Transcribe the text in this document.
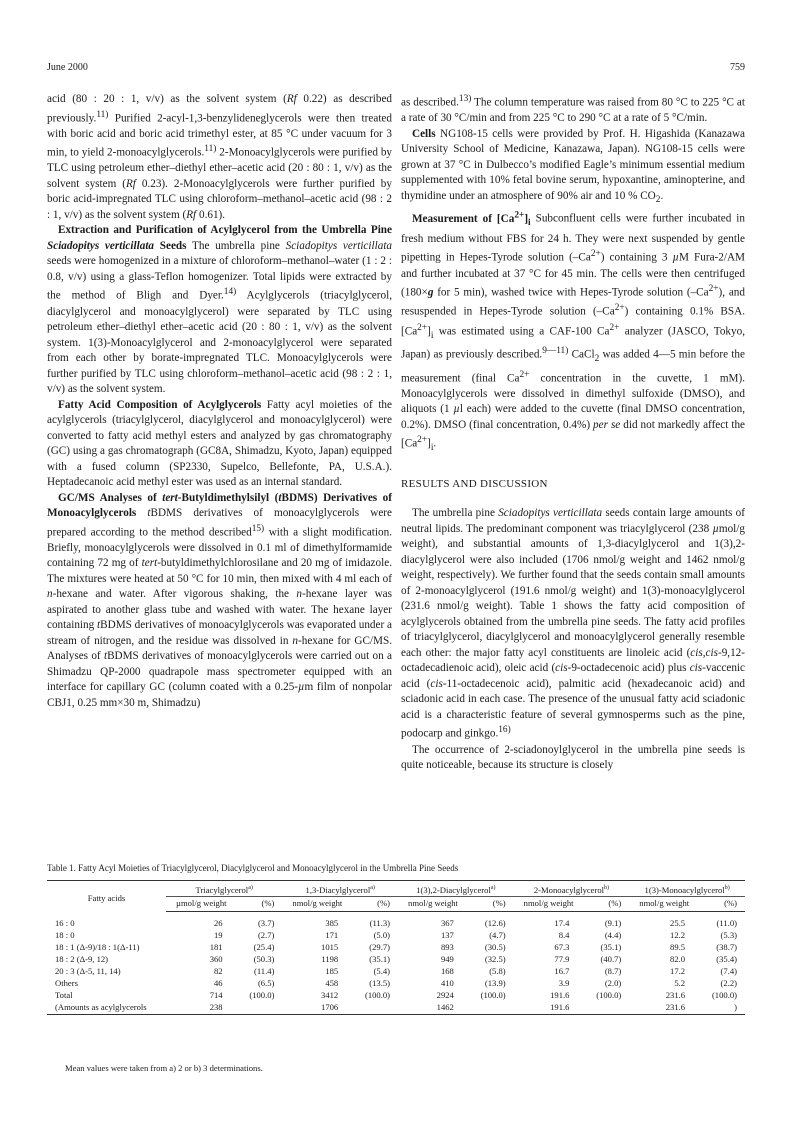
June 2000	759

acid (80 : 20 : 1, v/v) as the solvent system (Rf 0.22) as described previously.$^{11)}$ Purified 2-acyl-1,3-benzylideneglycerols were then treated with boric acid and boric acid trimethyl ester, at 85 °C under vacuum for 3 min, to yield 2-monoacylglycerols.$^{11)}$ 2-Monoacylglycerols were purified by TLC using petroleum ether–diethyl ether–acetic acid (20 : 80 : 1, v/v) as the solvent system (Rf 0.23). 2-Monoacylglycerols were further purified by boric acid-impregnated TLC using chloroform–methanol–acetic acid (98 : 2 : 1, v/v) as the solvent system (Rf 0.61).

Extraction and Purification of Acylglycerol from the Umbrella Pine Sciadopitys verticillata Seeds The umbrella pine Sciadopitys verticillata seeds were homogenized in a mixture of chloroform–methanol–water (1 : 2 : 0.8, v/v) using a glass-Teflon homogenizer. Total lipids were extracted by the method of Bligh and Dyer.$^{14)}$ Acylglycerols (triacylglycerol, diacylglycerol and monoacylglycerol) were separated by TLC using petroleum ether–diethyl ether–acetic acid (20 : 80 : 1, v/v) as the solvent system. 1(3)-Monoacylglycerol and 2-monoacylglycerol were separated from each other by borate-impregnated TLC. Monoacylglycerols were further purified by TLC using chloroform–methanol–acetic acid (98 : 2 : 1, v/v) as the solvent system.

Fatty Acid Composition of Acylglycerols Fatty acyl moieties of the acylglycerols (triacylglycerol, diacylglycerol and monoacylglycerol) were converted to fatty acid methyl esters and analyzed by gas chromatography (GC) using a gas chromatograph (GC8A, Shimadzu, Kyoto, Japan) equipped with a fused column (SP2330, Supelco, Bellefonte, PA, U.S.A.). Heptadecanoic acid methyl ester was used as an internal standard.

GC/MS Analyses of tert-Butyldimethylsilyl (tBDMS) Derivatives of Monoacylglycerols tBDMS derivatives of monoacylglycerols were prepared according to the method described$^{15)}$ with a slight modification. Briefly, monoacylglycerols were dissolved in 0.1 ml of dimethylformamide containing 72 mg of tert-butyldimethylchlorosilane and 20 mg of imidazole. The mixtures were heated at 50 °C for 10 min, then mixed with 4 ml each of n-hexane and water. After vigorous shaking, the n-hexane layer was aspirated to another glass tube and washed with water. The hexane layer containing tBDMS derivatives of monoacylglycerols was evaporated under a stream of nitrogen, and the residue was dissolved in n-hexane for GC/MS. Analyses of tBDMS derivatives of monoacylglycerols were carried out on a Shimadzu QP-2000 quadrapole mass spectrometer equipped with an interface for capillary GC (column coated with a 0.25-µm film of nonpolar CBJ1, 0.25 mm×30 m, Shimadzu)

as described.$^{13)}$ The column temperature was raised from 80 °C to 225 °C at a rate of 30 °C/min and from 225 °C to 290 °C at a rate of 5 °C/min.

Cells NG108-15 cells were provided by Prof. H. Higashida (Kanazawa University School of Medicine, Kanazawa, Japan). NG108-15 cells were grown at 37 °C in Dulbecco’s modified Eagle’s minimum essential medium supplemented with 10% fetal bovine serum, hypoxantine, aminopterine, and thymidine under an atmosphere of 90% air and 10 % $CO_2$.

Measurement of $[Ca^{2+}]_i$ Subconfluent cells were further incubated in fresh medium without FBS for 24 h. They were next suspended by gentle pipetting in Hepes-Tyrode solution $(-Ca^{2+})$ containing 3 µM Fura-2/AM and further incubated at 37 °C for 45 min. The cells were then centrifuged (180×g for 5 min), washed twice with Hepes-Tyrode solution $(-Ca^{2+})$, and resuspended in Hepes-Tyrode solution $(-Ca^{2+})$ containing 0.1% BSA. $[Ca^{2+}]_i$ was estimated using a CAF-100 $Ca^{2+}$ analyzer (JASCO, Tokyo, Japan) as previously described.$^{9—11)}$ CaCl$_2$ was added 4—5 min before the measurement (final $Ca^{2+}$ concentration in the cuvette, 1 mM). Monoacylglycerols were dissolved in dimethyl sulfoxide (DMSO), and aliquots (1 µl each) were added to the cuvette (final DMSO concentration, 0.2%). DMSO (final concentration, 0.4%) per se did not markedly affect the $[Ca^{2+}]_i$.

RESULTS AND DISCUSSION

The umbrella pine Sciadopitys verticillata seeds contain large amounts of neutral lipids. The predominant component was triacylglycerol (238 µmol/g weight), and substantial amounts of 1,3-diacylglycerol and 1(3),2-diacylglycerol were also included (1706 nmol/g weight and 1462 nmol/g weight, respectively). We further found that the seeds contain small amounts of 2-monoacylglycerol (191.6 nmol/g weight) and 1(3)-monoacylglycerol (231.6 nmol/g weight). Table 1 shows the fatty acid composition of acylglycerols obtained from the umbrella pine seeds. The fatty acid profiles of triacylglycerol, diacylglycerol and monoacylglycerol generally resemble each other: the major fatty acyl constituents are linoleic acid (cis,cis-9,12-octadecadienoic acid), oleic acid (cis-9-octadecenoic acid) plus cis-vaccenic acid (cis-11-octadecenoic acid), palmitic acid (hexadecanoic acid) and sciadonic acid in each case. The presence of the unusual fatty acid sciadonic acid is a characteristic feature of several gymnosperms such as the pine, podocarp and ginkgo.$^{16)}$

The occurrence of 2-sciadonoylglycerol in the umbrella pine seeds is quite noticeable, because its structure is closely

Table 1. Fatty Acyl Moieties of Triacylglycerol, Diacylglycerol and Monoacylglycerol in the Umbrella Pine Seeds
Fatty acids	Triacylglycerol$^{a)}$		1,3-Diacylglycerol$^{a)}$		1(3),2-Diacylglycerol$^{a)}$		2-Monoacylglycerol$^{b)}$		1(3)-Monoacylglycerol$^{b)}$
	µmol/g weight	(%)	nmol/g weight	(%)	nmol/g weight	(%)	nmol/g weight	(%)	nmol/g weight	(%)
16 : 0	26	(3.7)	385	(11.3)	367	(12.6)	17.4	(9.1)	25.5	(11.0)
18 : 0	19	(2.7)	171	(5.0)	137	(4.7)	8.4	(4.4)	12.2	(5.3)
18 : 1 (Δ-9)/18 : 1(Δ-11)	181	(25.4)	1015	(29.7)	893	(30.5)	67.3	(35.1)	89.5	(38.7)
18 : 2 (Δ-9, 12)	360	(50.3)	1198	(35.1)	949	(32.5)	77.9	(40.7)	82.0	(35.4)
20 : 3 (Δ-5, 11, 14)	82	(11.4)	185	(5.4)	168	(5.8)	16.7	(8.7)	17.2	(7.4)
Others	46	(6.5)	458	(13.5)	410	(13.9)	3.9	(2.0)	5.2	(2.2)
Total	714	(100.0)	3412	(100.0)	2924	(100.0)	191.6	(100.0)	231.6	(100.0)
(Amounts as acylglycerols	238		1706		1462		191.6		231.6	)
Mean values were taken from a) 2 or b) 3 determinations.
